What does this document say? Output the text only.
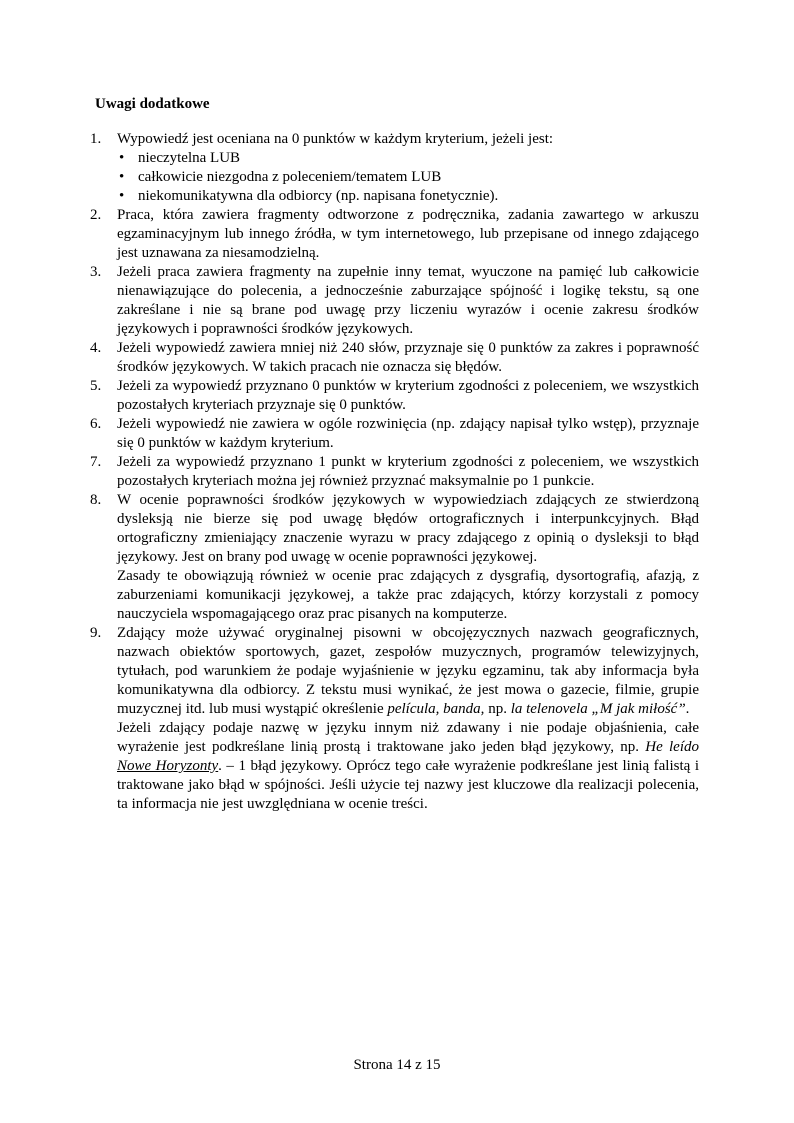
Uwagi dodatkowe
1. Wypowiedź jest oceniana na 0 punktów w każdym kryterium, jeżeli jest:
• nieczytelna LUB
• całkowicie niezgodna z poleceniem/tematem LUB
• niekomunikatywna dla odbiorcy (np. napisana fonetycznie).
2. Praca, która zawiera fragmenty odtworzone z podręcznika, zadania zawartego w arkuszu egzaminacyjnym lub innego źródła, w tym internetowego, lub przepisane od innego zdającego jest uznawana za niesamodzielną.
3. Jeżeli praca zawiera fragmenty na zupełnie inny temat, wyuczone na pamięć lub całkowicie nienawiązujące do polecenia, a jednocześnie zaburzające spójność i logikę tekstu, są one zakreślane i nie są brane pod uwagę przy liczeniu wyrazów i ocenie zakresu środków językowych i poprawności środków językowych.
4. Jeżeli wypowiedź zawiera mniej niż 240 słów, przyznaje się 0 punktów za zakres i poprawność środków językowych. W takich pracach nie oznacza się błędów.
5. Jeżeli za wypowiedź przyznano 0 punktów w kryterium zgodności z poleceniem, we wszystkich pozostałych kryteriach przyznaje się 0 punktów.
6. Jeżeli wypowiedź nie zawiera w ogóle rozwinięcia (np. zdający napisał tylko wstęp), przyznaje się 0 punktów w każdym kryterium.
7. Jeżeli za wypowiedź przyznano 1 punkt w kryterium zgodności z poleceniem, we wszystkich pozostałych kryteriach można jej również przyznać maksymalnie po 1 punkcie.
8. W ocenie poprawności środków językowych w wypowiedziach zdających ze stwierdzoną dysleksją nie bierze się pod uwagę błędów ortograficznych i interpunkcyjnych. Błąd ortograficzny zmieniający znaczenie wyrazu w pracy zdającego z opinią o dysleksji to błąd językowy. Jest on brany pod uwagę w ocenie poprawności językowej.

Zasady te obowiązują również w ocenie prac zdających z dysgrafią, dysortografią, afazją, z zaburzeniami komunikacji językowej, a także prac zdających, którzy korzystali z pomocy nauczyciela wspomagającego oraz prac pisanych na komputerze.

9. Zdający może używać oryginalnej pisowni w obcojęzycznych nazwach geograficznych, nazwach obiektów sportowych, gazet, zespołów muzycznych, programów telewizyjnych, tytułach, pod warunkiem że podaje wyjaśnienie w języku egzaminu, tak aby informacja była komunikatywna dla odbiorcy. Z tekstu musi wynikać, że jest mowa o gazecie, filmie, grupie muzycznej itd. lub musi wystąpić określenie película, banda, np. la telenovela „M jak miłość”.

Jeżeli zdający podaje nazwę w języku innym niż zdawany i nie podaje objaśnienia, całe wyrażenie jest podkreślane linią prostą i traktowane jako jeden błąd językowy, np. He leído Nowe Horyzonty. – 1 błąd językowy. Oprócz tego całe wyrażenie podkreślane jest linią falistą i traktowane jako błąd w spójności. Jeśli użycie tej nazwy jest kluczowe dla realizacji polecenia, ta informacja nie jest uwzględniana w ocenie treści.

Strona 14 z 15
